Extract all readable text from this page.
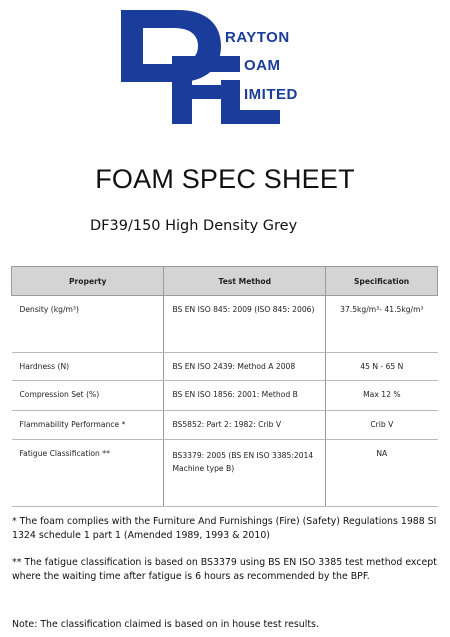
RAYTON
OAM
IMITED
FOAM SPEC SHEET
DF39/150 High Density Grey
Property	Test Method	Specification
Density (kg/m³)	BS EN ISO 845: 2009 (ISO 845: 2006)	37.5kg/m³- 41.5kg/m³
Hardness (N)	BS EN ISO 2439: Method A 2008	45 N - 65 N
Compression Set (%)	BS EN ISO 1856: 2001: Method B	Max 12 %
Flammability Performance *	BS5852: Part 2: 1982: Crib V	Crib V
Fatigue Classification **	BS3379: 2005 (BS EN ISO 3385:2014 Machine type B)	NA
* The foam complies with the Furniture And Furnishings (Fire) (Safety) Regulations 1988 SI 1324 schedule 1 part 1 (Amended 1989, 1993 & 2010)
** The fatigue classification is based on BS3379 using BS EN ISO 3385 test method except where the waiting time after fatigue is 6 hours as recommended by the BPF.
Note: The classification claimed is based on in house test results.
